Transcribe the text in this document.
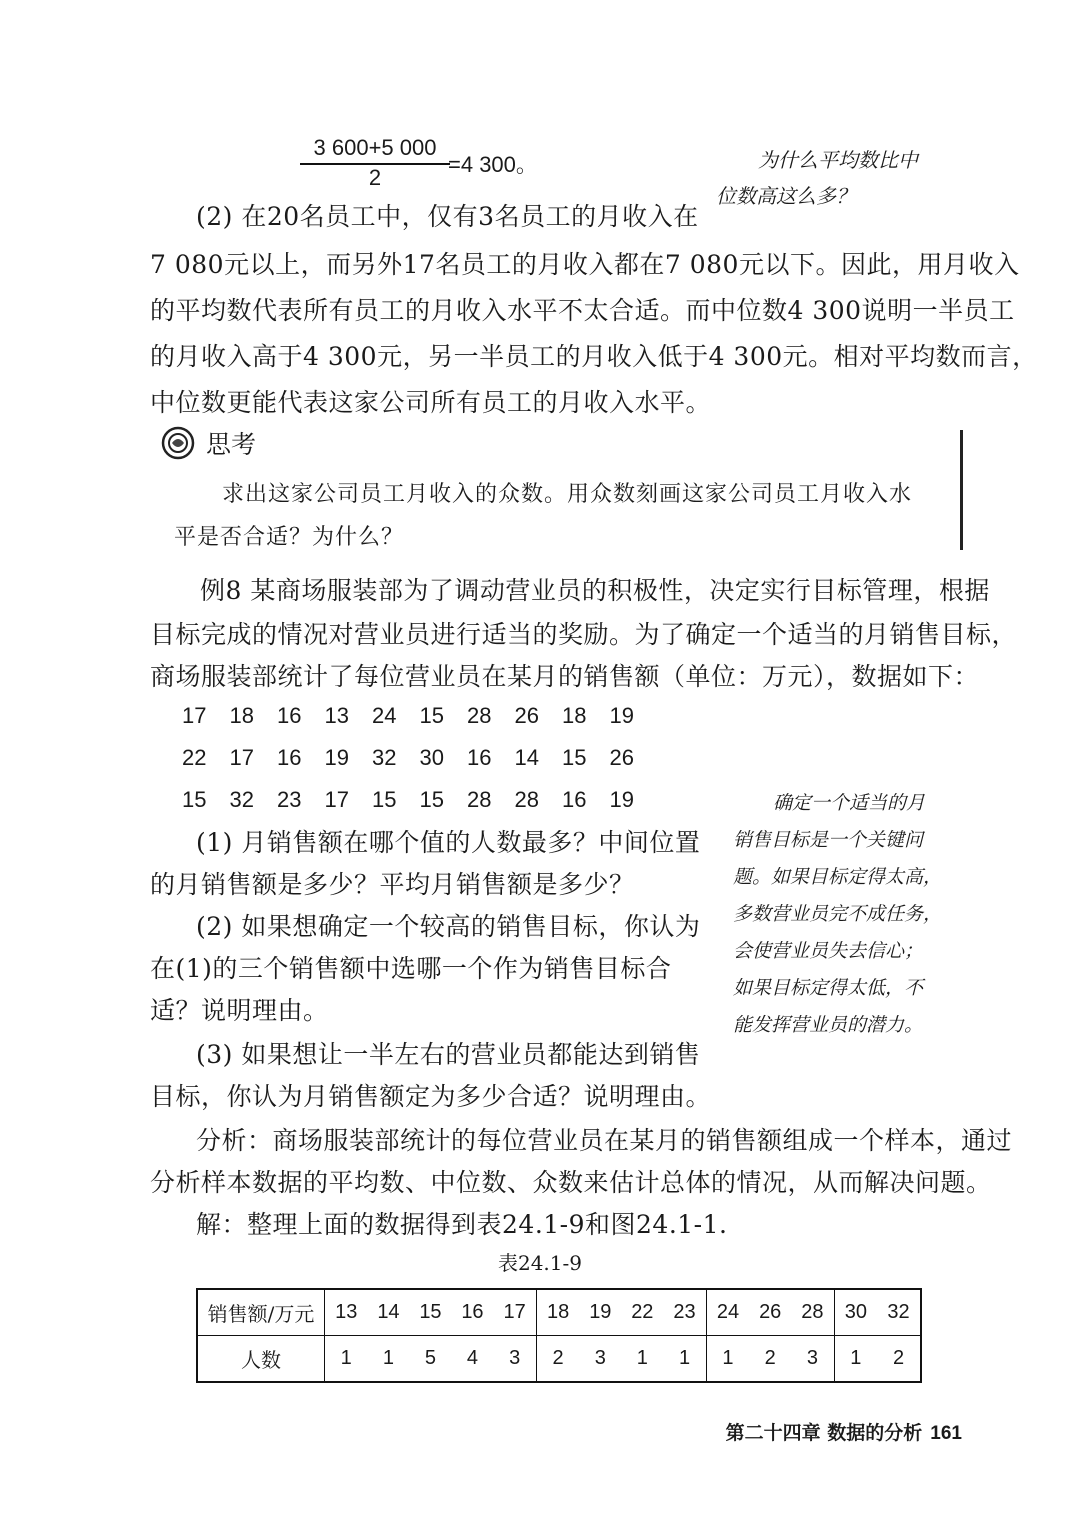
$\frac{3 600+5 000}{2}$
=4 300。	为什么平均数比中
位数高这么多？
(2) 在20名员工中，仅有3名员工的月收入在
7 080元以上，而另外17名员工的月收入都在7 080元以下。因此，用月收入
的平均数代表所有员工的月收入水平不太合适。而中位数4 300说明一半员工
的月收入高于4 300元，另一半员工的月收入低于4 300元。相对平均数而言，
中位数更能代表这家公司所有员工的月收入水平。
思考
求出这家公司员工月收入的众数。用众数刻画这家公司员工月收入水
平是否合适？为什么？
例8 某商场服装部为了调动营业员的积极性，决定实行目标管理，根据
目标完成的情况对营业员进行适当的奖励。为了确定一个适当的月销售目标，
商场服装部统计了每位营业员在某月的销售额（单位：万元），数据如下：
17	18	16	13	24	15	28	26	18	19
22	17	16	19	32	30	16	14	15	26
15	32	23	17	15	15	28	28	16	19	确定一个适当的月
销售目标是一个关键问
题。如果目标定得太高，
多数营业员完不成任务，
会使营业员失去信心；
如果目标定得太低，不
能发挥营业员的潜力。
(1) 月销售额在哪个值的人数最多？中间位置
的月销售额是多少？平均月销售额是多少？
(2) 如果想确定一个较高的销售目标，你认为
在(1)的三个销售额中选哪一个作为销售目标合
适？说明理由。
(3) 如果想让一半左右的营业员都能达到销售
目标，你认为月销售额定为多少合适？说明理由。
分析：商场服装部统计的每位营业员在某月的销售额组成一个样本，通过
分析样本数据的平均数、中位数、众数来估计总体的情况，从而解决问题。
解：整理上面的数据得到表24.1-9和图24.1-1.
表24.1-9
销售额/万元	13	14	15	16	17	18	19	22	23	24	26	28	30	32
人数	1	1	5	4	3	2	3	1	1	1	2	3	1	2
第二十四章 数据的分析 161
